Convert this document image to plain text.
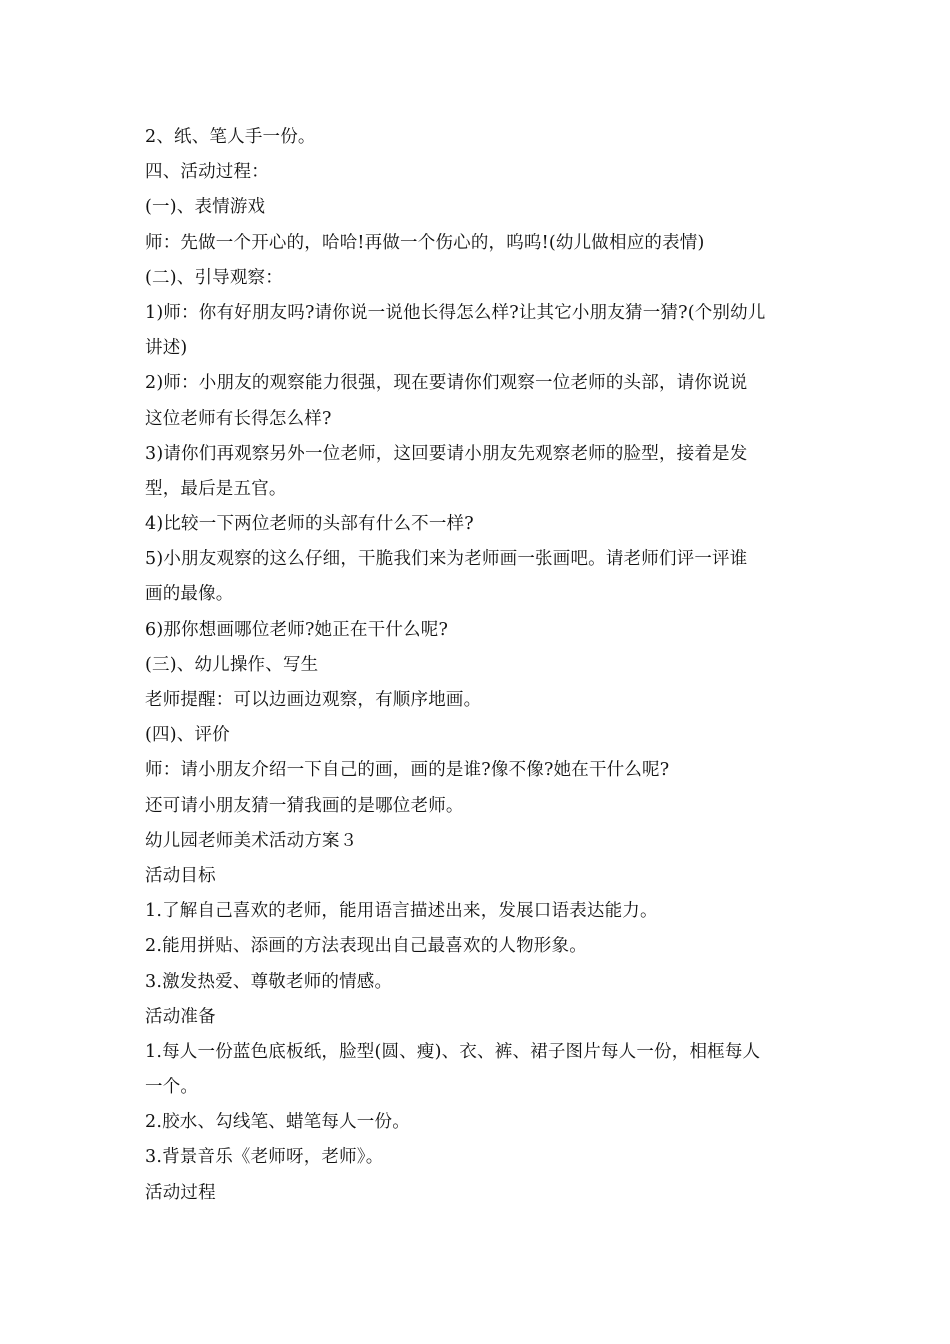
2、纸、笔人手一份。
四、活动过程：
(一)、表情游戏
师：先做一个开心的，哈哈!再做一个伤心的，呜呜!(幼儿做相应的表情)
(二)、引导观察：
1)师：你有好朋友吗?请你说一说他长得怎么样?让其它小朋友猜一猜?(个别幼儿
讲述)
2)师：小朋友的观察能力很强，现在要请你们观察一位老师的头部，请你说说
这位老师有长得怎么样?
3)请你们再观察另外一位老师，这回要请小朋友先观察老师的脸型，接着是发
型，最后是五官。
4)比较一下两位老师的头部有什么不一样?
5)小朋友观察的这么仔细，干脆我们来为老师画一张画吧。请老师们评一评谁
画的最像。
6)那你想画哪位老师?她正在干什么呢?
(三)、幼儿操作、写生
老师提醒：可以边画边观察，有顺序地画。
(四)、评价
师：请小朋友介绍一下自己的画，画的是谁?像不像?她在干什么呢?
还可请小朋友猜一猜我画的是哪位老师。
幼儿园老师美术活动方案３
活动目标
1.了解自己喜欢的老师，能用语言描述出来，发展口语表达能力。
2.能用拼贴、添画的方法表现出自己最喜欢的人物形象。
3.激发热爱、尊敬老师的情感。
活动准备
1.每人一份蓝色底板纸，脸型(圆、瘦)、衣、裤、裙子图片每人一份，相框每人
一个。
2.胶水、勾线笔、蜡笔每人一份。
3.背景音乐《老师呀，老师》。
活动过程
